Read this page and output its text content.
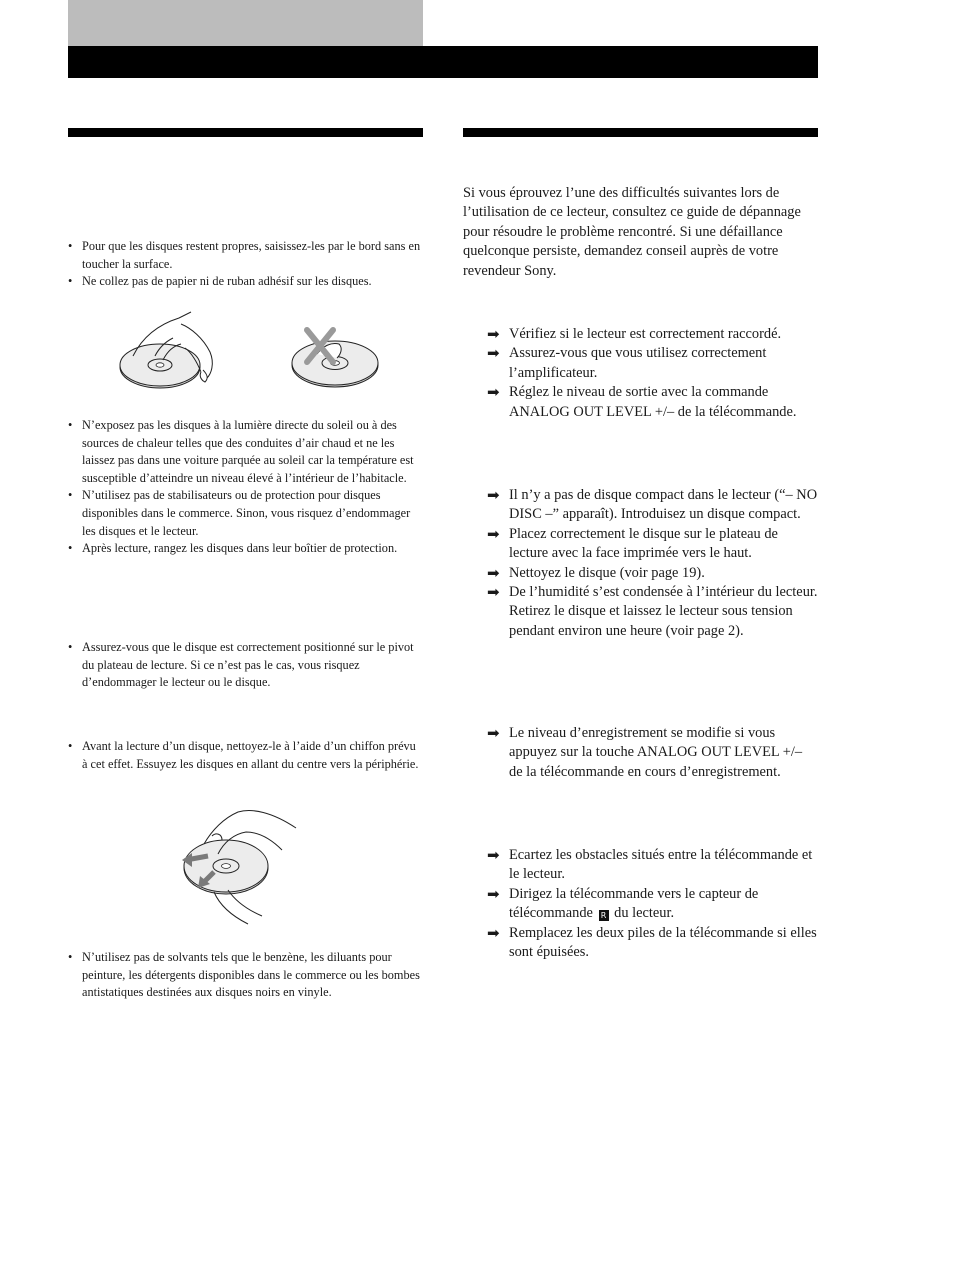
• Pour que les disques restent propres, saisissez-les par le bord sans en toucher la surface.
• Ne collez pas de papier ni de ruban adhésif sur les disques.
• N’exposez pas les disques à la lumière directe du soleil ou à des sources de chaleur telles que des conduites d’air chaud et ne les laissez pas dans une voiture parquée au soleil car la température est susceptible d’atteindre un niveau élevé à l’intérieur de l’habitacle.
• N’utilisez pas de stabilisateurs ou de protection pour disques disponibles dans le commerce. Sinon, vous risquez d’endommager les disques et le lecteur.
• Après lecture, rangez les disques dans leur boîtier de protection.
• Assurez-vous que le disque est correctement positionné sur le pivot du plateau de lecture. Si ce n’est pas le cas, vous risquez d’endommager le lecteur ou le disque.
• Avant la lecture d’un disque, nettoyez-le à l’aide d’un chiffon prévu à cet effet. Essuyez les disques en allant du centre vers la périphérie.
• N’utilisez pas de solvants tels que le benzène, les diluants pour peinture, les détergents disponibles dans le commerce ou les bombes antistatiques destinées aux disques noirs en vinyle.
Si vous éprouvez l’une des difficultés suivantes lors de l’utilisation de ce lecteur, consultez ce guide de dépannage pour résoudre le problème rencontré. Si une défaillance quelconque persiste, demandez conseil auprès de votre revendeur Sony.
➡ Vérifiez si le lecteur est correctement raccordé.
➡ Assurez-vous que vous utilisez correctement l’amplificateur.
➡ Réglez le niveau de sortie avec la commande ANALOG OUT LEVEL +/– de la télécommande.
➡ Il n’y a pas de disque compact dans le lecteur (“– NO DISC –” apparaît). Introduisez un disque compact.
➡ Placez correctement le disque sur le plateau de lecture avec la face imprimée vers le haut.
➡ Nettoyez le disque (voir page 19).
➡ De l’humidité s’est condensée à l’intérieur du lecteur. Retirez le disque et laissez le lecteur sous tension pendant environ une heure (voir page 2).
➡ Le niveau d’enregistrement se modifie si vous appuyez sur la touche ANALOG OUT LEVEL +/– de la télécommande en cours d’enregistrement.
➡ Ecartez les obstacles situés entre la télécommande et le lecteur.
➡ Dirigez la télécommande vers le capteur de télécommande R du lecteur.
➡ Remplacez les deux piles de la télécommande si elles sont épuisées.
